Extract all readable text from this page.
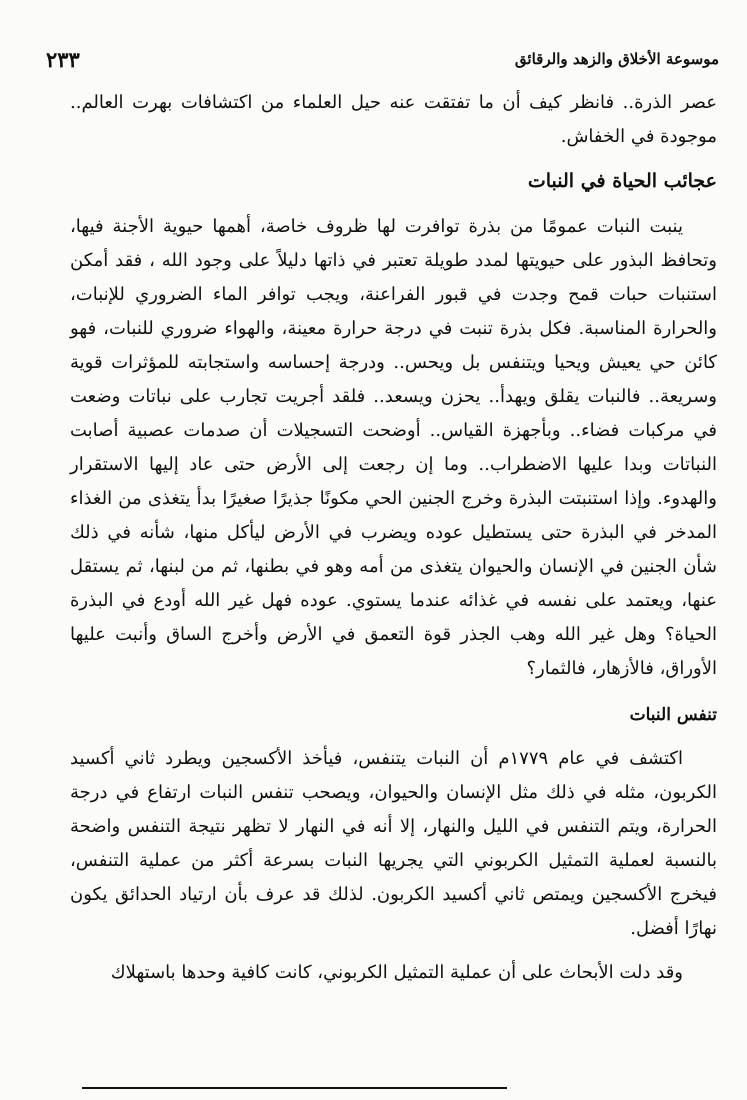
موسوعة الأخلاق والزهد والرقائق
٢٣٣

عصر الذرة.. فانظر كيف أن ما تفتقت عنه حيل العلماء من اكتشافات بهرت العالم.. موجودة في الخفاش.

عجائب الحياة في النبات

ينبت النبات عمومًا من بذرة توافرت لها ظروف خاصة، أهمها حيوية الأجنة فيها، وتحافظ البذور على حيويتها لمدد طويلة تعتبر في ذاتها دليلاً على وجود الله ، فقد أمكن استنبات حبات قمح وجدت في قبور الفراعنة، ويجب توافر الماء الضروري للإنبات، والحرارة المناسبة. فكل بذرة تنبت في درجة حرارة معينة، والهواء ضروري للنبات، فهو كائن حي يعيش ويحيا ويتنفس بل ويحس.. ودرجة إحساسه واستجابته للمؤثرات قوية وسريعة.. فالنبات يقلق ويهدأ.. يحزن ويسعد.. فلقد أجريت تجارب على نباتات وضعت في مركبات فضاء.. وبأجهزة القياس.. أوضحت التسجيلات أن صدمات عصبية أصابت النباتات وبدا عليها الاضطراب.. وما إن رجعت إلى الأرض حتى عاد إليها الاستقرار والهدوء. وإذا استنبتت البذرة وخرج الجنين الحي مكونًا جذيرًا صغيرًا بدأ يتغذى من الغذاء المدخر في البذرة حتى يستطيل عوده ويضرب في الأرض ليأكل منها، شأنه في ذلك شأن الجنين في الإنسان والحيوان يتغذى من أمه وهو في بطنها، ثم من لبنها، ثم يستقل عنها، ويعتمد على نفسه في غذائه عندما يستوي. عوده فهل غير الله أودع في البذرة الحياة؟ وهل غير الله وهب الجذر قوة التعمق في الأرض وأخرج الساق وأنبت عليها الأوراق، فالأزهار، فالثمار؟

تنفس النبات

اكتشف في عام ١٧٧٩م أن النبات يتنفس، فيأخذ الأكسجين ويطرد ثاني أكسيد الكربون، مثله في ذلك مثل الإنسان والحيوان، ويصحب تنفس النبات ارتفاع في درجة الحرارة، ويتم التنفس في الليل والنهار، إلا أنه في النهار لا تظهر نتيجة التنفس واضحة بالنسبة لعملية التمثيل الكربوني التي يجريها النبات بسرعة أكثر من عملية التنفس، فيخرج الأكسجين ويمتص ثاني أكسيد الكربون. لذلك قد عرف بأن ارتياد الحدائق يكون نهارًا أفضل.

وقد دلت الأبحاث على أن عملية التمثيل الكربوني، كانت كافية وحدها باستهلاك
